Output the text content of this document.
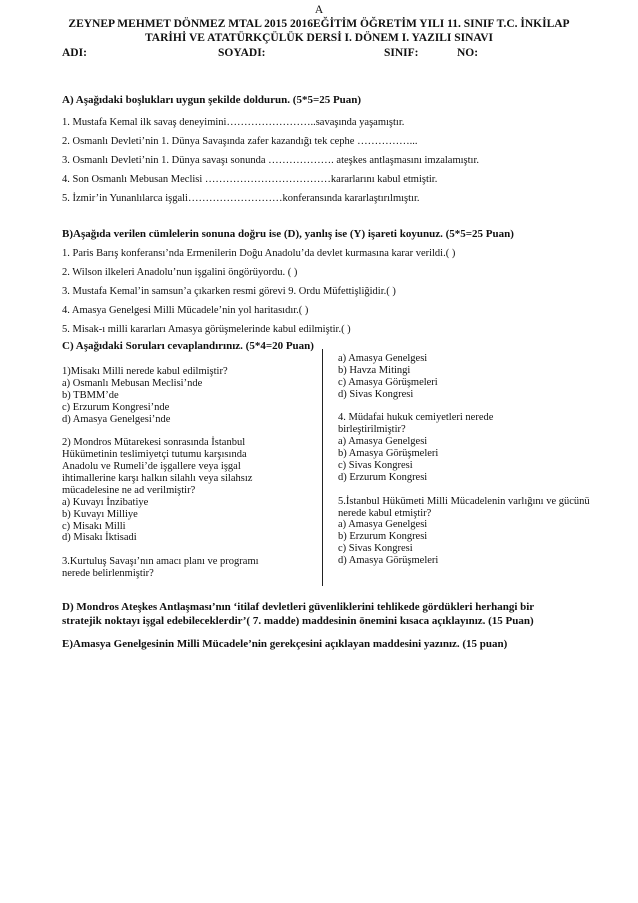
A
ZEYNEP MEHMET DÖNMEZ MTAL 2015 2016EĞİTİM ÖĞRETİM YILI 11. SINIF T.C. İNKİLAP
TARİHİ VE ATATÜRKÇÜLÜK DERSİ I. DÖNEM I. YAZILI SINAVI
ADI:	SOYADI:	SINIF:	NO:
A) Aşağıdaki boşlukları uygun şekilde doldurun. (5*5=25 Puan)
1. Mustafa Kemal ilk savaş deneyimini……………………..savaşında yaşamıştır.
2. Osmanlı Devleti’nin 1. Dünya Savaşında zafer kazandığı tek cephe ……………...
3. Osmanlı Devleti’nin 1. Dünya savaşı sonunda ………………. ateşkes antlaşmasını imzalamıştır.
4. Son Osmanlı Mebusan Meclisi ………………………………kararlarını kabul etmiştir.
5. İzmir’in Yunanlılarca işgali………………………konferansında kararlaştırılmıştır.
B)Aşağıda verilen cümlelerin sonuna doğru ise (D), yanlış ise (Y) işareti koyunuz. (5*5=25 Puan)
1. Paris Barış konferansı’nda Ermenilerin Doğu Anadolu’da devlet kurmasına karar verildi.( )
2. Wilson ilkeleri Anadolu’nun işgalini öngörüyordu. ( )
3. Mustafa Kemal’in samsun’a çıkarken resmi görevi 9. Ordu Müfettişliğidir.( )
4. Amasya Genelgesi Milli Mücadele’nin yol haritasıdır.( )
5. Misak-ı milli kararları Amasya görüşmelerinde kabul edilmiştir.( )
C) Aşağıdaki Soruları cevaplandırınız. (5*4=20 Puan)
1)Misakı Milli nerede kabul edilmiştir?
a) Osmanlı Mebusan Meclisi’nde
b) TBMM’de
c) Erzurum Kongresi’nde
d) Amasya Genelgesi’nde
2) Mondros Mütarekesi sonrasında İstanbul
Hükümetinin teslimiyetçi tutumu karşısında
Anadolu ve Rumeli’de işgallere veya işgal
ihtimallerine karşı halkın silahlı veya silahsız
mücadelesine ne ad verilmiştir?
a) Kuvayı İnzibatiye
b) Kuvayı Milliye
c) Misakı Milli
d) Misakı İktisadi
3.Kurtuluş Savaşı’nın amacı planı ve programı
nerede belirlenmiştir?
a) Amasya Genelgesi
b) Havza Mitingi
c) Amasya Görüşmeleri
d) Sivas Kongresi
4. Müdafai hukuk cemiyetleri nerede
birleştirilmiştir?
a) Amasya Genelgesi
b) Amasya Görüşmeleri
c) Sivas Kongresi
d) Erzurum Kongresi
5.İstanbul Hükümeti Milli Mücadelenin varlığını ve gücünü
nerede kabul etmiştir?
a) Amasya Genelgesi
b) Erzurum Kongresi
c) Sivas Kongresi
d) Amasya Görüşmeleri
D) Mondros Ateşkes Antlaşması’nın ‘itilaf devletleri güvenliklerini tehlikede gördükleri herhangi bir
stratejik noktayı işgal edebileceklerdir’( 7. madde) maddesinin önemini kısaca açıklayınız. (15 Puan)
E)Amasya Genelgesinin Milli Mücadele’nin gerekçesini açıklayan maddesini yazınız. (15 puan)
